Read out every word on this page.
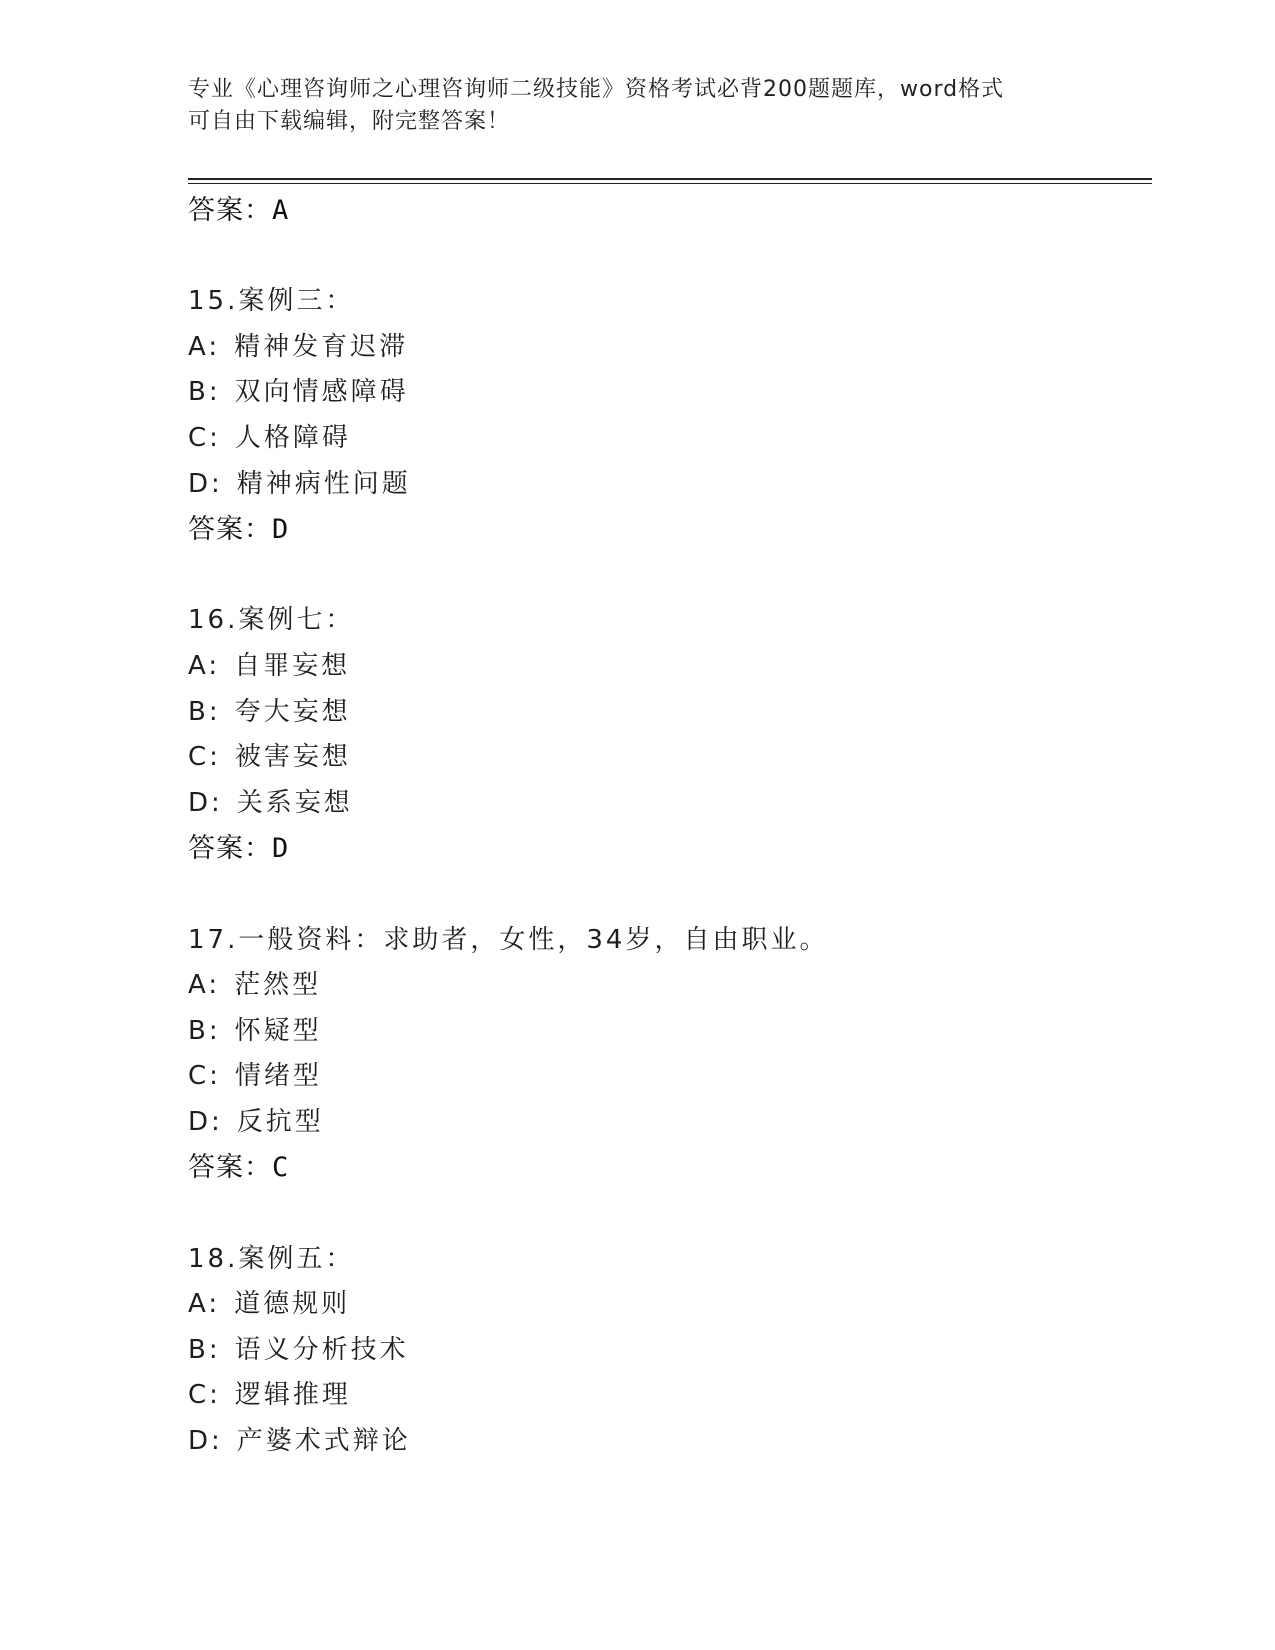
专业《心理咨询师之心理咨询师二级技能》资格考试必背200题题库，word格式
可自由下载编辑，附完整答案！
答案：A
15.案例三：
A: 精神发育迟滞
B: 双向情感障碍
C: 人格障碍
D: 精神病性问题
答案：D
16.案例七：
A: 自罪妄想
B: 夸大妄想
C: 被害妄想
D: 关系妄想
答案：D
17.一般资料：求助者，女性，34岁，自由职业。
A: 茫然型
B: 怀疑型
C: 情绪型
D: 反抗型
答案：C
18.案例五：
A: 道德规则
B: 语义分析技术
C: 逻辑推理
D: 产婆术式辩论
